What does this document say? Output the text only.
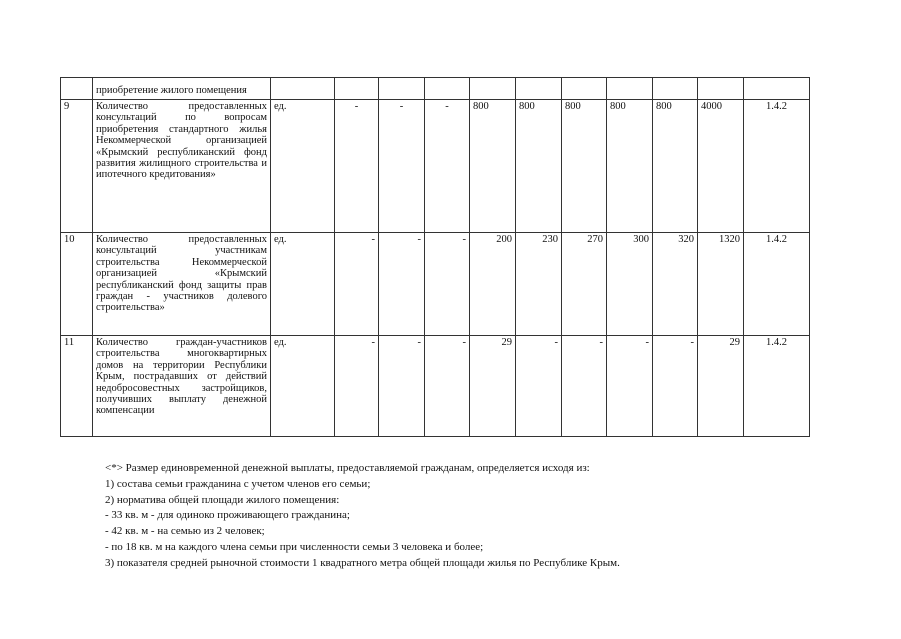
	приобретение жилого помещения											
9	Количество предоставленных консультаций по вопросам приобретения стандартного жилья Некоммерческой организацией «Крымский республиканский фонд развития жилищного строительства и ипотечного кредитования»	ед.	-	-	-	800	800	800	800	800	4000	1.4.2
10	Количество предоставленных консультаций участникам строительства Некоммерческой организацией «Крымский республиканский фонд защиты прав граждан - участников долевого строительства»	ед.	-	-	-	200	230	270	300	320	1320	1.4.2
11	Количество граждан-участников строительства многоквартирных домов на территории Республики Крым, пострадавших от действий недобросовестных застройщиков, получивших выплату денежной компенсации	ед.	-	-	-	29	-	-	-	-	29	1.4.2
<*> Размер единовременной денежной выплаты, предоставляемой гражданам, определяется исходя из:
1) состава семьи гражданина с учетом членов его семьи;
2) норматива общей площади жилого помещения:
- 33 кв. м - для одиноко проживающего гражданина;
- 42 кв. м - на семью из 2 человек;
- по 18 кв. м на каждого члена семьи при численности семьи 3 человека и более;
3) показателя средней рыночной стоимости 1 квадратного метра общей площади жилья по Республике Крым.
